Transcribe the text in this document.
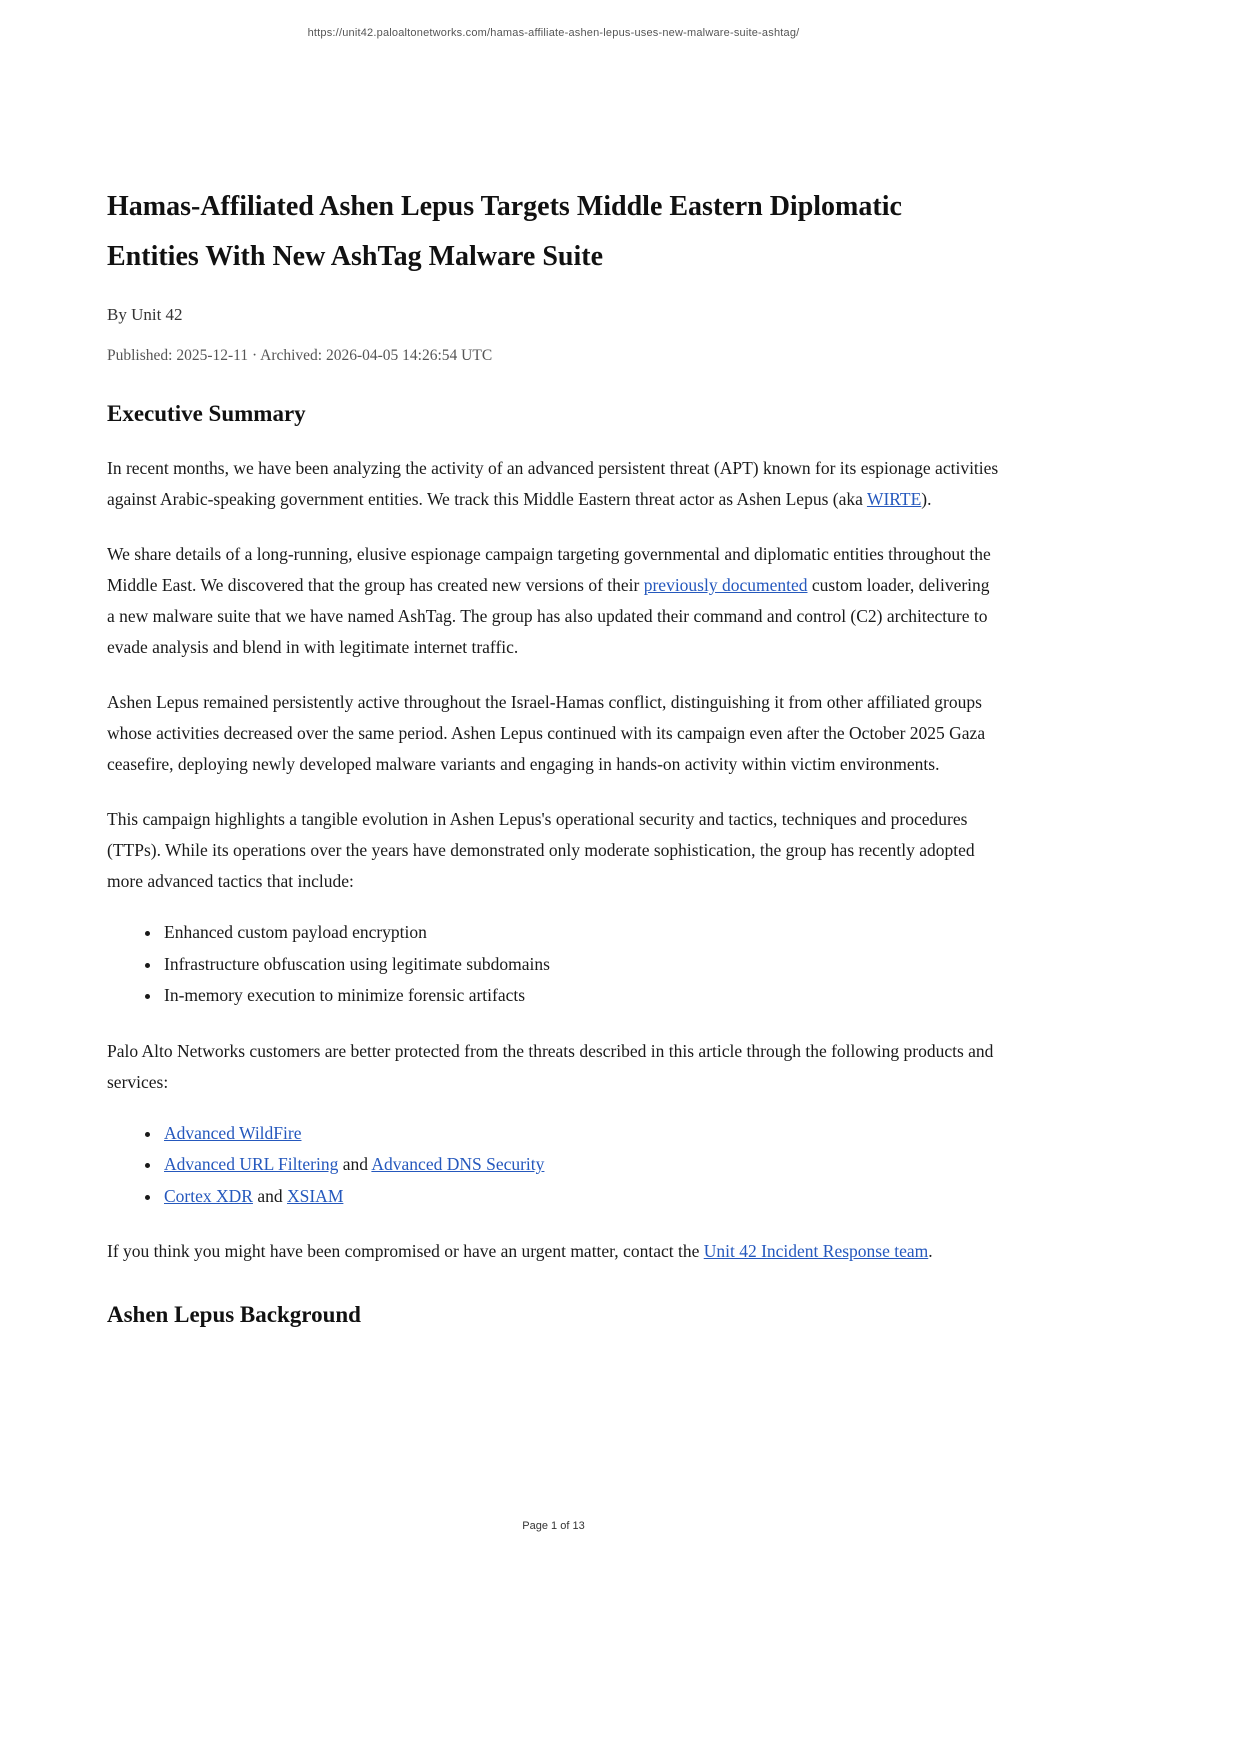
https://unit42.paloaltonetworks.com/hamas-affiliate-ashen-lepus-uses-new-malware-suite-ashtag/
Hamas-Affiliated Ashen Lepus Targets Middle Eastern Diplomatic Entities With New AshTag Malware Suite

By Unit 42

Published: 2025-12-11 · Archived: 2026-04-05 14:26:54 UTC

Executive Summary

In recent months, we have been analyzing the activity of an advanced persistent threat (APT) known for its espionage activities against Arabic-speaking government entities. We track this Middle Eastern threat actor as Ashen Lepus (aka WIRTE).

We share details of a long-running, elusive espionage campaign targeting governmental and diplomatic entities throughout the Middle East. We discovered that the group has created new versions of their previously documented custom loader, delivering a new malware suite that we have named AshTag. The group has also updated their command and control (C2) architecture to evade analysis and blend in with legitimate internet traffic.

Ashen Lepus remained persistently active throughout the Israel-Hamas conflict, distinguishing it from other affiliated groups whose activities decreased over the same period. Ashen Lepus continued with its campaign even after the October 2025 Gaza ceasefire, deploying newly developed malware variants and engaging in hands-on activity within victim environments.

This campaign highlights a tangible evolution in Ashen Lepus's operational security and tactics, techniques and procedures (TTPs). While its operations over the years have demonstrated only moderate sophistication, the group has recently adopted more advanced tactics that include:

• Enhanced custom payload encryption
• Infrastructure obfuscation using legitimate subdomains
• In-memory execution to minimize forensic artifacts

Palo Alto Networks customers are better protected from the threats described in this article through the following products and services:

• Advanced WildFire
• Advanced URL Filtering and Advanced DNS Security
• Cortex XDR and XSIAM

If you think you might have been compromised or have an urgent matter, contact the Unit 42 Incident Response team.

Ashen Lepus Background
Page 1 of 13
